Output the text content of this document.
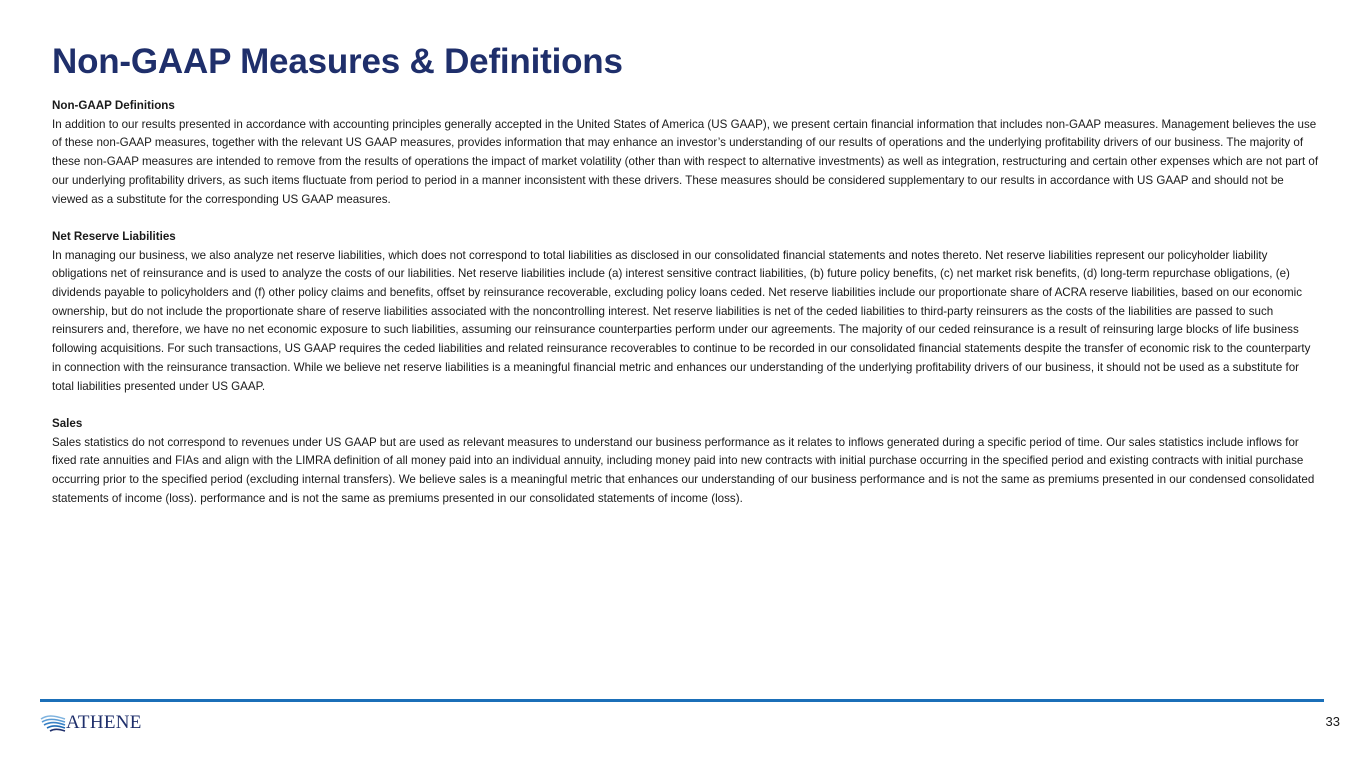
Non-GAAP Measures & Definitions
Non-GAAP Definitions
In addition to our results presented in accordance with accounting principles generally accepted in the United States of America (US GAAP), we present certain financial information that includes non-GAAP measures. Management believes the use of these non-GAAP measures, together with the relevant US GAAP measures, provides information that may enhance an investor’s understanding of our results of operations and the underlying profitability drivers of our business. The majority of these non-GAAP measures are intended to remove from the results of operations the impact of market volatility (other than with respect to alternative investments) as well as integration, restructuring and certain other expenses which are not part of our underlying profitability drivers, as such items fluctuate from period to period in a manner inconsistent with these drivers. These measures should be considered supplementary to our results in accordance with US GAAP and should not be viewed as a substitute for the corresponding US GAAP measures.
Net Reserve Liabilities
In managing our business, we also analyze net reserve liabilities, which does not correspond to total liabilities as disclosed in our consolidated financial statements and notes thereto. Net reserve liabilities represent our policyholder liability obligations net of reinsurance and is used to analyze the costs of our liabilities. Net reserve liabilities include (a) interest sensitive contract liabilities, (b) future policy benefits, (c) net market risk benefits, (d) long-term repurchase obligations, (e) dividends payable to policyholders and (f) other policy claims and benefits, offset by reinsurance recoverable, excluding policy loans ceded. Net reserve liabilities include our proportionate share of ACRA reserve liabilities, based on our economic ownership, but do not include the proportionate share of reserve liabilities associated with the noncontrolling interest. Net reserve liabilities is net of the ceded liabilities to third-party reinsurers as the costs of the liabilities are passed to such reinsurers and, therefore, we have no net economic exposure to such liabilities, assuming our reinsurance counterparties perform under our agreements. The majority of our ceded reinsurance is a result of reinsuring large blocks of life business following acquisitions. For such transactions, US GAAP requires the ceded liabilities and related reinsurance recoverables to continue to be recorded in our consolidated financial statements despite the transfer of economic risk to the counterparty in connection with the reinsurance transaction. While we believe net reserve liabilities is a meaningful financial metric and enhances our understanding of the underlying profitability drivers of our business, it should not be used as a substitute for total liabilities presented under US GAAP.
Sales
Sales statistics do not correspond to revenues under US GAAP but are used as relevant measures to understand our business performance as it relates to inflows generated during a specific period of time. Our sales statistics include inflows for fixed rate annuities and FIAs and align with the LIMRA definition of all money paid into an individual annuity, including money paid into new contracts with initial purchase occurring in the specified period and existing contracts with initial purchase occurring prior to the specified period (excluding internal transfers). We believe sales is a meaningful metric that enhances our understanding of our business performance and is not the same as premiums presented in our condensed consolidated statements of income (loss). performance and is not the same as premiums presented in our consolidated statements of income (loss).
ATHENE	33
